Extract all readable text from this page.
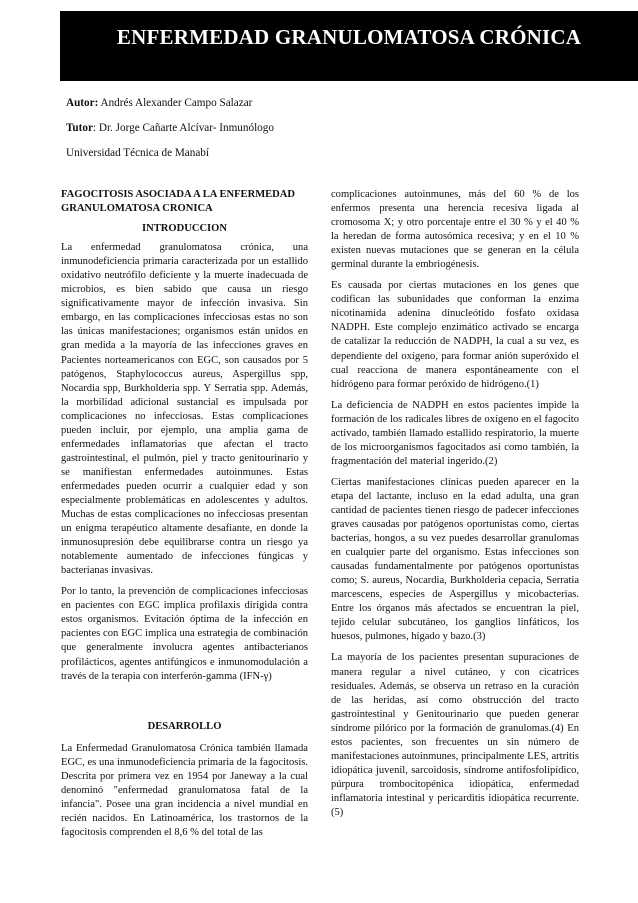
ENFERMEDAD GRANULOMATOSA CRÓNICA
Autor: Andrés Alexander Campo Salazar
Tutor: Dr. Jorge Cañarte Alcívar- Inmunólogo
Universidad Técnica de Manabí

FAGOCITOSIS ASOCIADA A LA ENFERMEDAD GRANULOMATOSA CRONICA

INTRODUCCION

La enfermedad granulomatosa crónica, una inmunodeficiencia primaria caracterizada por un estallido oxidativo neutrófilo deficiente y la muerte inadecuada de microbios, es bien sabido que causa un riesgo significativamente mayor de infección invasiva. Sin embargo, en las complicaciones infecciosas estas no son las únicas manifestaciones; organismos están unidos en gran medida a la mayoría de las infecciones graves en Pacientes norteamericanos con EGC, son causados por 5 patógenos, Staphylococcus aureus, Aspergillus spp, Nocardia spp, Burkholderia spp. Y Serratia spp. Además, la morbilidad adicional sustancial es impulsada por complicaciones no infecciosas. Estas complicaciones pueden incluir, por ejemplo, una amplia gama de enfermedades inflamatorias que afectan el tracto gastrointestinal, el pulmón, piel y tracto genitourinario y se manifiestan enfermedades autoinmunes. Estas enfermedades pueden ocurrir a cualquier edad y son especialmente problemáticas en adolescentes y adultos. Muchas de estas complicaciones no infecciosas presentan un enigma terapéutico altamente desafiante, en donde la inmunosupresión debe equilibrarse contra un riesgo ya notablemente aumentado de infecciones fúngicas y bacterianas invasivas.

Por lo tanto, la prevención de complicaciones infecciosas en pacientes con EGC implica profilaxis dirigida contra estos organismos. Evitación óptima de la infección en pacientes con EGC implica una estrategia de combinación que generalmente involucra agentes antibacterianos profilácticos, agentes antifúngicos e inmunomodulación a través de la terapia con interferón-gamma (IFN-γ)

DESARROLLO

La Enfermedad Granulomatosa Crónica también llamada EGC, es una inmunodeficiencia primaria de la fagocitosis. Descrita por primera vez en 1954 por Janeway a la cual denominó "enfermedad granulomatosa fatal de la infancia". Posee una gran incidencia a nivel mundial en recién nacidos. En Latinoamérica, los trastornos de la fagocitosis comprenden el 8,6 % del total de las

complicaciones autoinmunes, más del 60 % de los enfermos presenta una herencia recesiva ligada al cromosoma X; y otro porcentaje entre el 30 % y el 40 % la heredan de forma autosómica recesiva; y en el 10 % existen nuevas mutaciones que se generan en la célula germinal durante la embriogénesis.

Es causada por ciertas mutaciones en los genes que codifican las subunidades que conforman la enzima nicotinamida adenina dinucleótido fosfato oxidasa NADPH. Este complejo enzimático activado se encarga de catalizar la reducción de NADPH, la cual a su vez, es dependiente del oxígeno, para formar anión superóxido el cual reacciona de manera espontáneamente con el hidrógeno para formar peróxido de hidrógeno.(1)

La deficiencia de NADPH en estos pacientes impide la formación de los radicales libres de oxígeno en el fagocito activado, también llamado estallido respiratorio, la muerte de los microorganismos fagocitados así como también, la fragmentación del material ingerido.(2)

Ciertas manifestaciones clínicas pueden aparecer en la etapa del lactante, incluso en la edad adulta, una gran cantidad de pacientes tienen riesgo de padecer infecciones graves causadas por patógenos oportunistas como, ciertas bacterias, hongos, a su vez puedes desarrollar granulomas en cualquier parte del organismo. Estas infecciones son causadas fundamentalmente por patógenos oportunistas como; S. aureus, Nocardia, Burkholderia cepacia, Serratia marcescens, especies de Aspergillus y micobacterias. Entre los órganos más afectados se encuentran la piel, tejido celular subcutáneo, los ganglios linfáticos, los huesos, pulmones, hígado y bazo.(3)

La mayoría de los pacientes presentan supuraciones de manera regular a nivel cutáneo, y con cicatrices residuales. Además, se observa un retraso en la curación de las heridas, así como obstrucción del tracto gastrointestinal y Genitourinario que pueden generar síndrome pilórico por la formación de granulomas.(4) En estos pacientes, son frecuentes un sin número de manifestaciones autoinmunes, principalmente LES, artritis idiopática juvenil, sarcoidosis, síndrome antifosfolipídico, púrpura trombocitopénica idiopática, enfermedad inflamatoria intestinal y pericarditis idiopática recurrente.(5)
